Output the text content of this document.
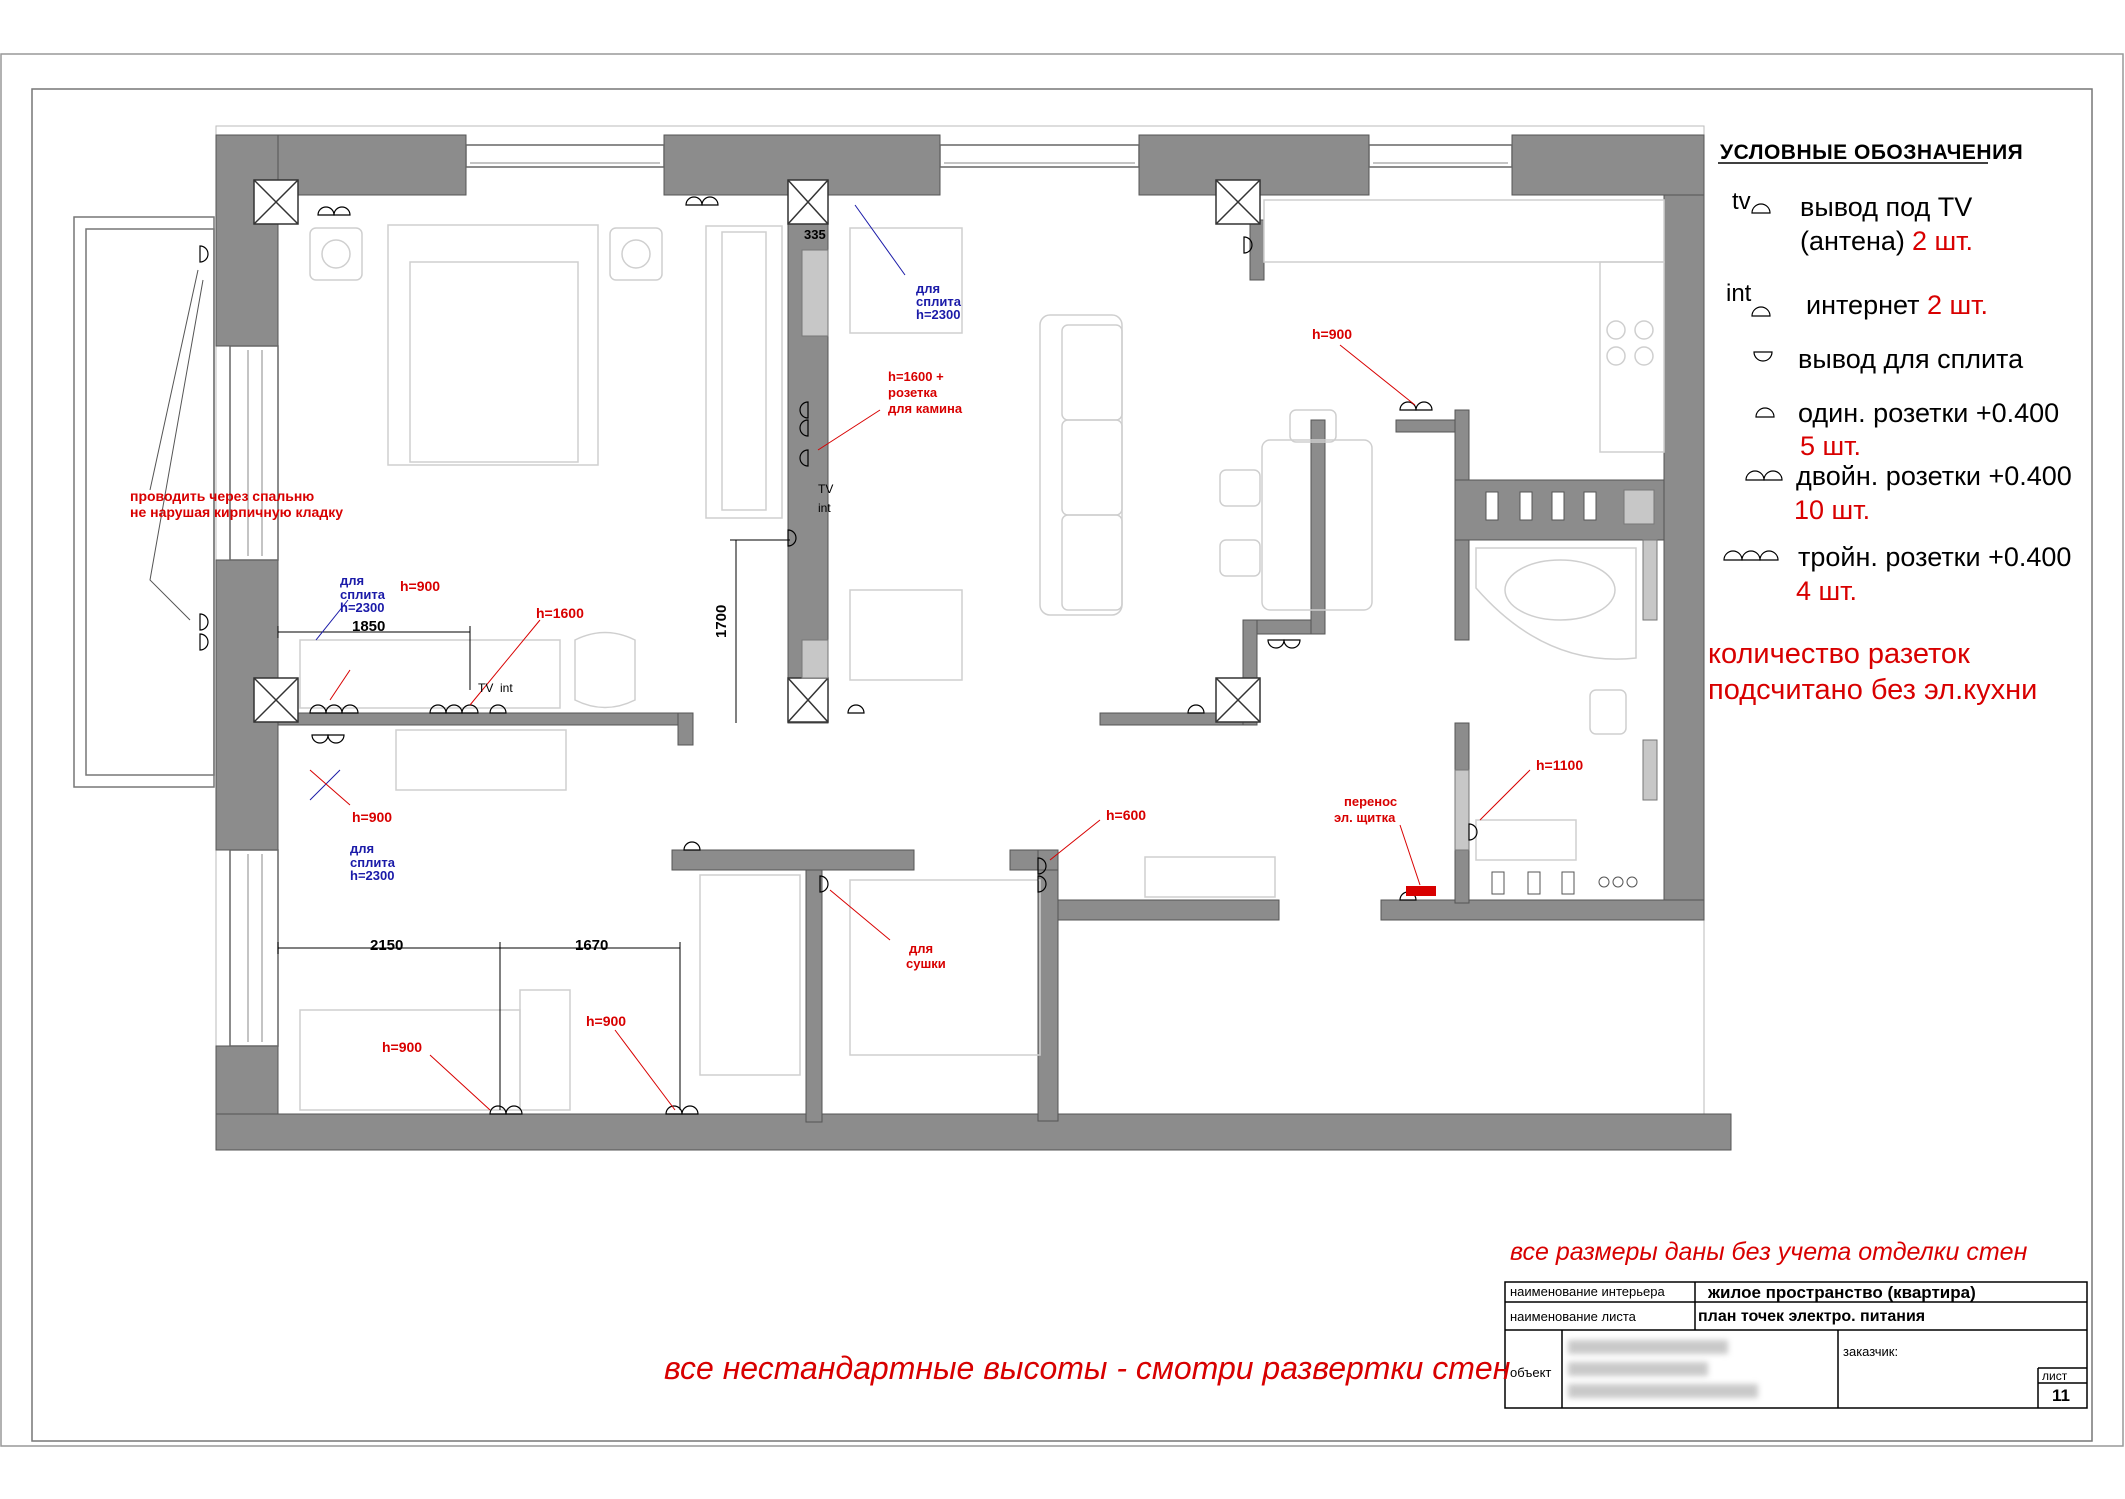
УСЛОВНЫЕ ОБОЗНАЧЕНИЯ
tv вывод под TV
(антена) 2 шт.
int интернет 2 шт.
вывод для сплита
один. розетки +0.400
5 шт.
двойн. розетки +0.400
10 шт.
тройн. розетки +0.400
4 шт.
количество разеток
подсчитано без эл.кухни
проводить через спальню
не нарушая кирпичную кладку
для
сплита
h=2300
для
сплита
h=2300
для
сплита
h=2300
h=1600 +
розетка
для камина
h=900
h=900
h=1600
h=900
h=1100
перенос
эл. щитка
h=600
для
сушки
h=900
h=900
TV int
TV
int
335
1850	1700
2150	1670
все размеры даны без учета отделки стен
все нестандартные высоты - смотри развертки стен
наименование интерьера	жилое пространство (квартира)
наименование листа	план точек электро. питания
объект
заказчик:
лист
11
